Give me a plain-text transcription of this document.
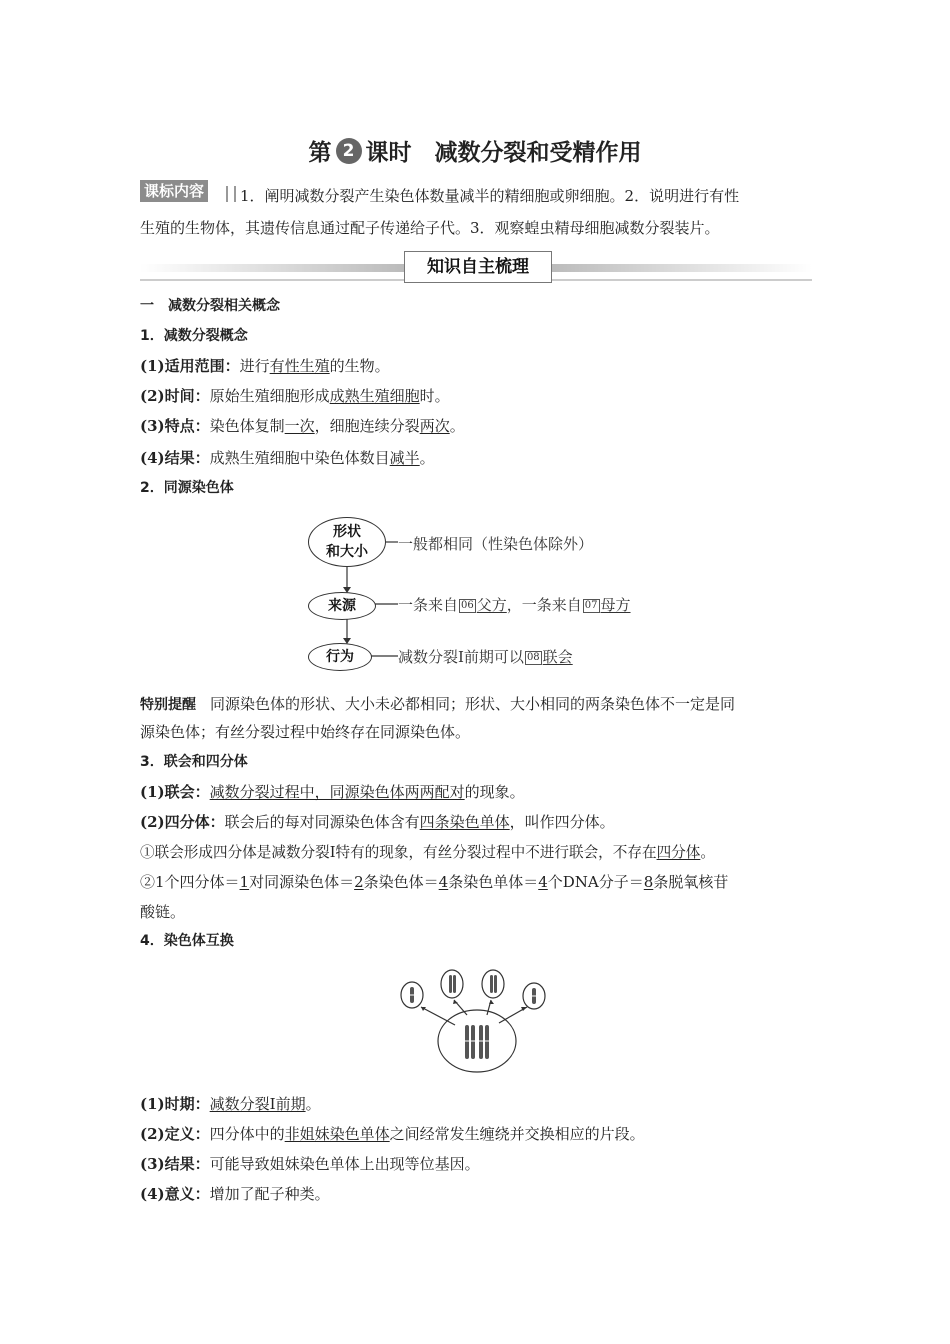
第 2 课时　减数分裂和受精作用
课标内容 1．阐明减数分裂产生染色体数量减半的精细胞或卵细胞。2．说明进行有性
生殖的生物体，其遗传信息通过配子传递给子代。3．观察蝗虫精母细胞减数分裂装片。
知识自主梳理
一　减数分裂相关概念
1．减数分裂概念
(1)适用范围：进行有性生殖的生物。
(2)时间：原始生殖细胞形成成熟生殖细胞时。
(3)特点：染色体复制一次，细胞连续分裂两次。
(4)结果：成熟生殖细胞中染色体数目减半。
2．同源染色体
形状
和大小	一般都相同（性染色体除外）
来源	一条来自 06 父方，一条来自 07 母方
行为	减数分裂Ⅰ前期可以 08 联会
特别提醒 同源染色体的形状、大小未必都相同；形状、大小相同的两条染色体不一定是同
源染色体；有丝分裂过程中始终存在同源染色体。
3．联会和四分体
(1)联会：减数分裂过程中，同源染色体两两配对的现象。
(2)四分体：联会后的每对同源染色体含有四条染色单体，叫作四分体。
①联会形成四分体是减数分裂Ⅰ特有的现象，有丝分裂过程中不进行联会，不存在四分体。
②1个四分体＝1对同源染色体＝2条染色体＝4条染色单体＝4个DNA分子＝8条脱氧核苷
酸链。
4．染色体互换
(1)时期：减数分裂Ⅰ前期。
(2)定义：四分体中的非姐妹染色单体之间经常发生缠绕并交换相应的片段。
(3)结果：可能导致姐妹染色单体上出现等位基因。
(4)意义：增加了配子种类。
